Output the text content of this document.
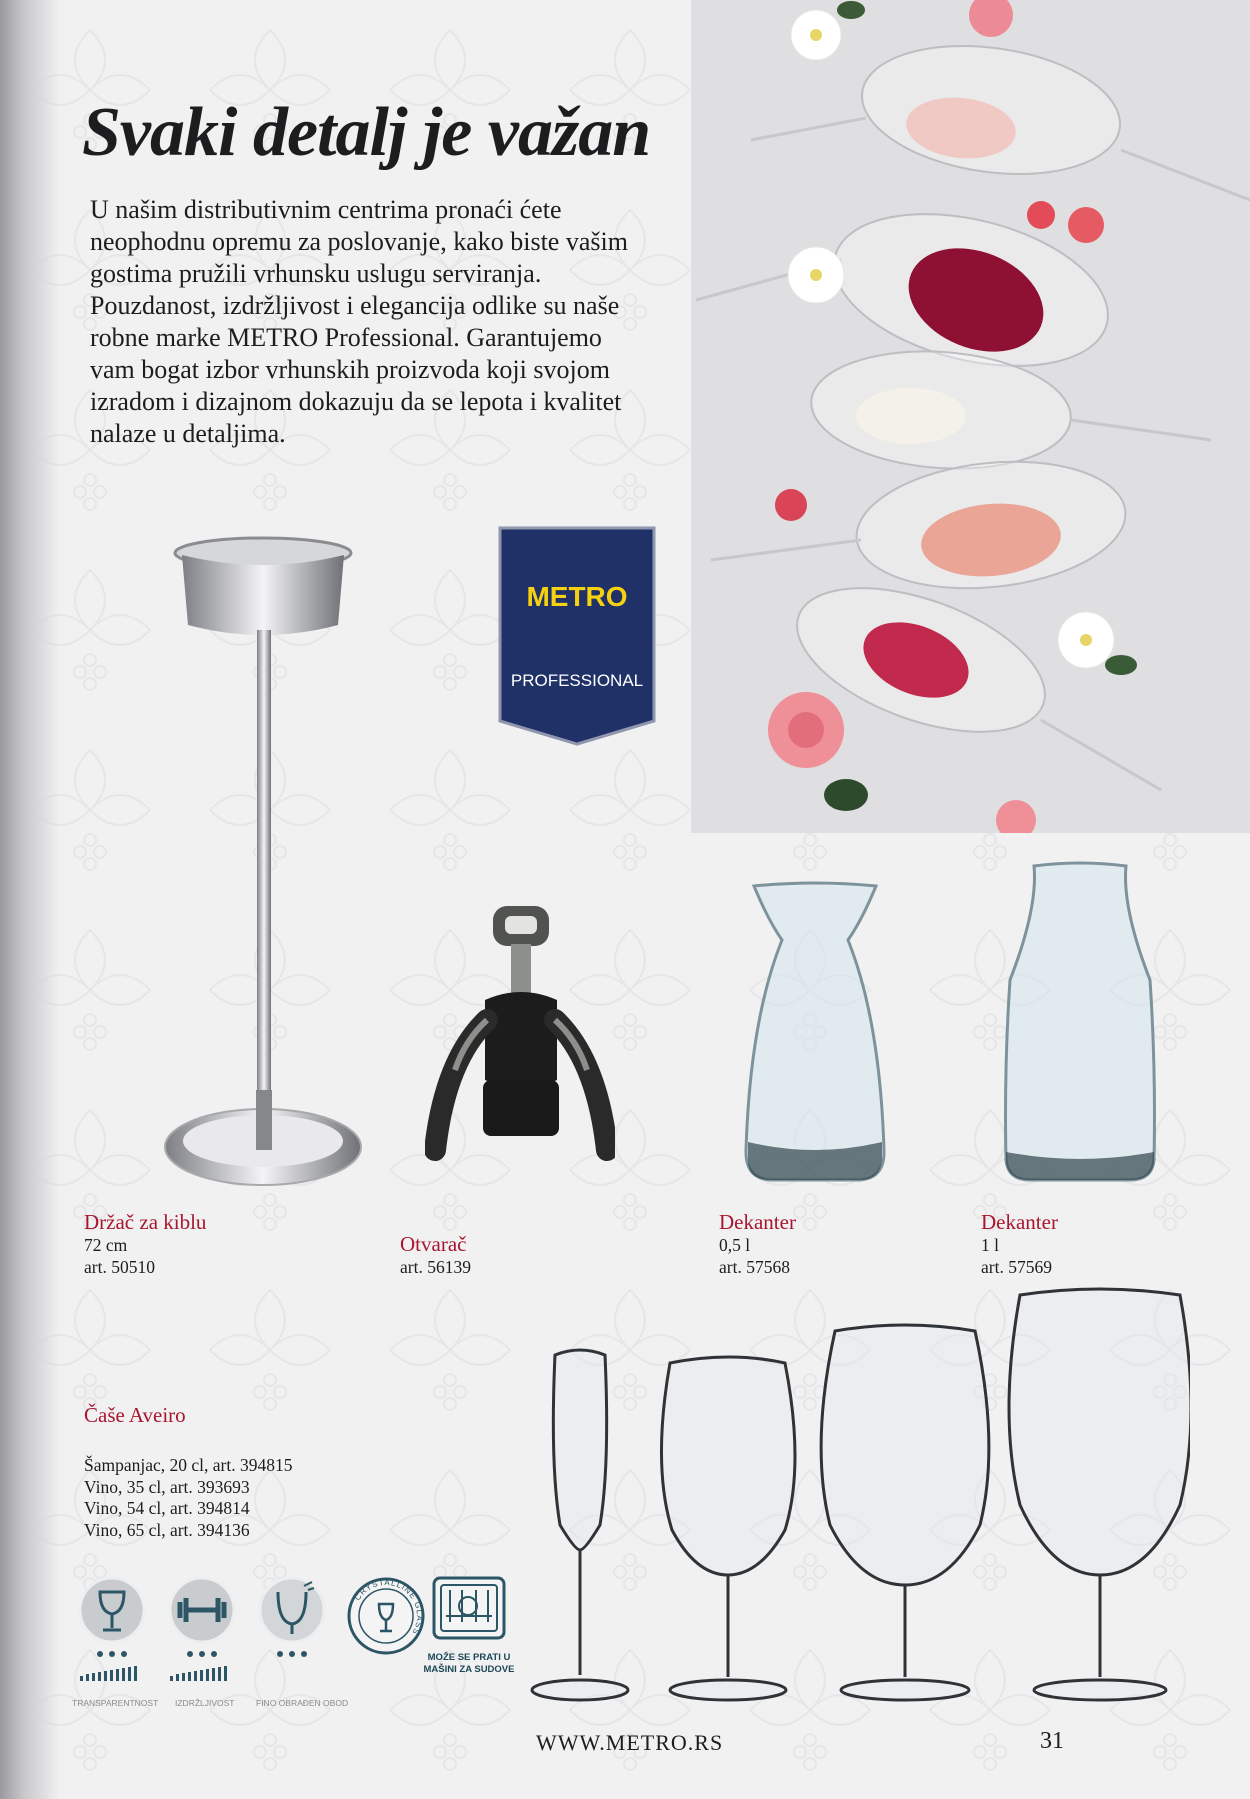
Svaki detalj je važan

U našim distributivnim centrima pronaći ćete neophodnu opremu za poslovanje, kako biste vašim gostima pružili vrhunsku uslugu serviranja.
Pouzdanost, izdržljivost i elegancija odlike su naše robne marke METRO Professional. Garantujemo vam bogat izbor vrhunskih proizvoda koji svojom izradom i dizajnom dokazuju da se lepota i kvalitet nalaze u detaljima.

METRO
PROFESSIONAL
Držač za kiblu
72 cm
art. 50510
Otvarač
art. 56139
Dekanter
0,5 l
art. 57568
Dekanter
1 l
art. 57569
Čaše Aveiro
Šampanjac, 20 cl, art. 394815
Vino, 35 cl, art. 393693
Vino, 54 cl, art. 394814
Vino, 65 cl, art. 394136
TRANSPARENTNOST IZDRŽLJIVOST	FINO OBRAĐEN OBOD
MOŽE SE PRATI U MAŠINI ZA SUDOVE
CRYSTALLINE GLASS
WWW.METRO.RS	31
